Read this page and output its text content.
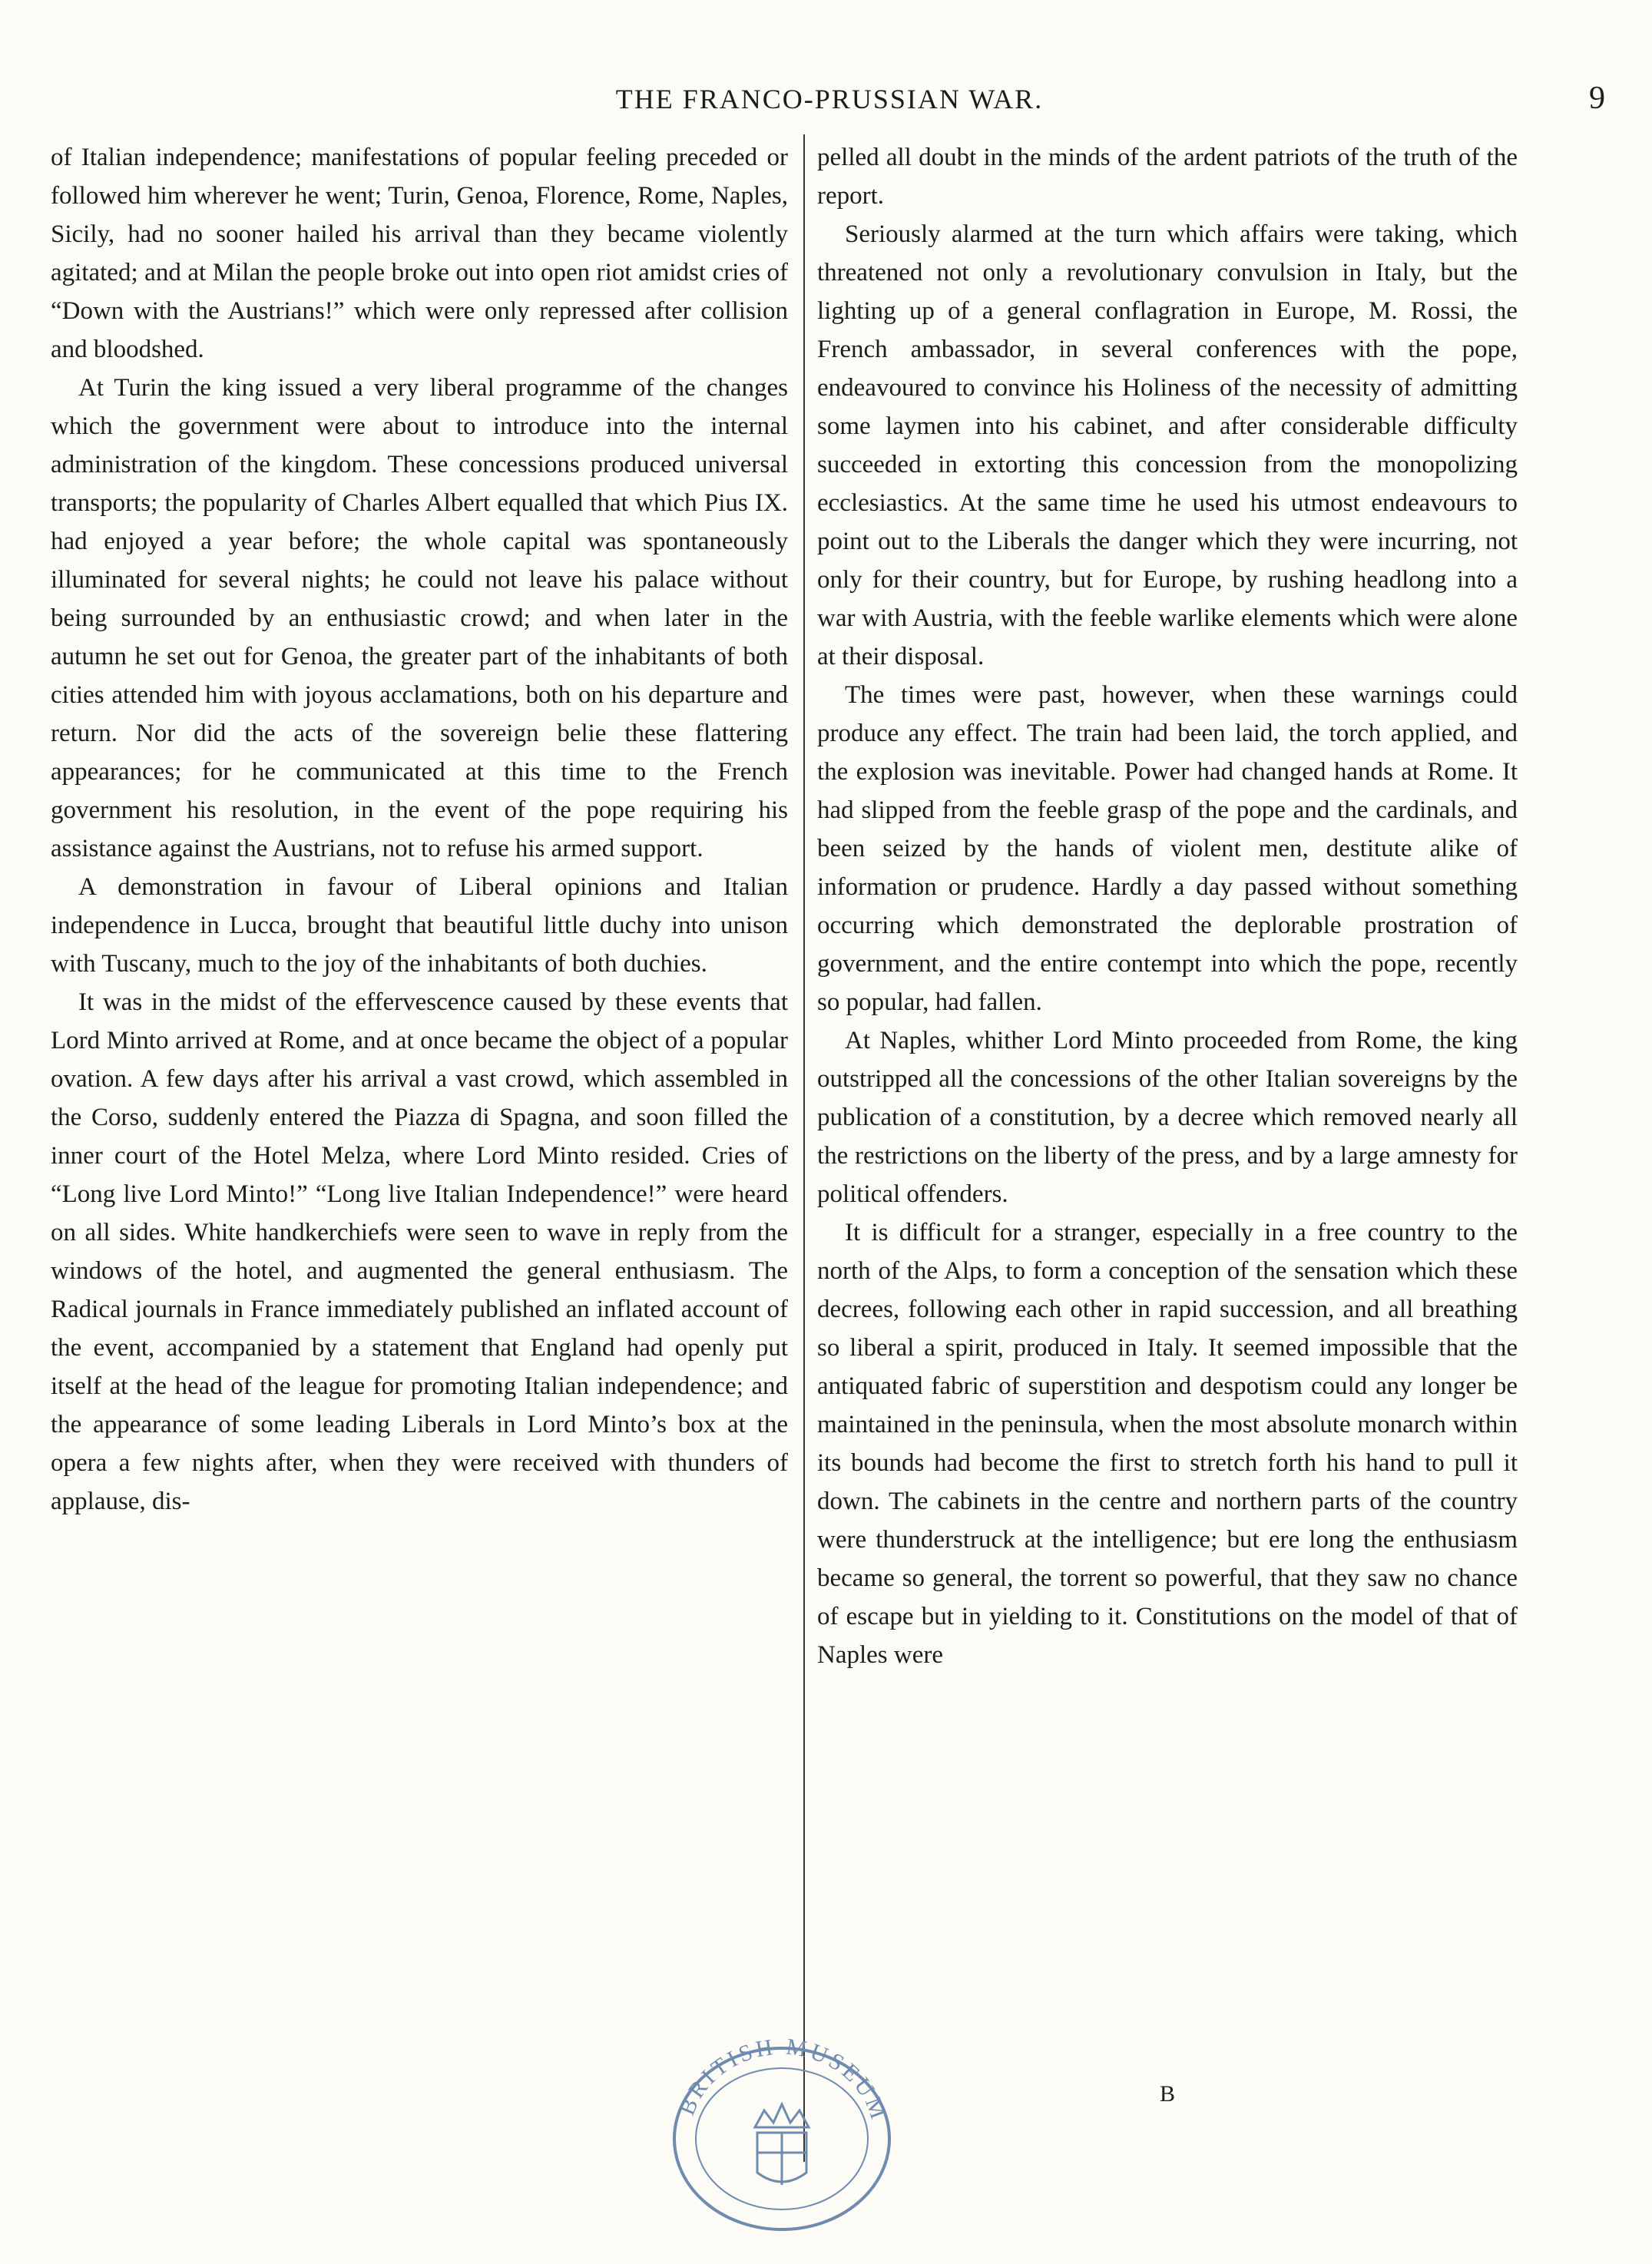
THE FRANCO-PRUSSIAN WAR.	9

of Italian independence; manifestations of popular feeling preceded or followed him wherever he went; Turin, Genoa, Florence, Rome, Naples, Sicily, had no sooner hailed his arrival than they became violently agitated; and at Milan the people broke out into open riot amidst cries of “Down with the Austrians!” which were only repressed after collision and bloodshed.

At Turin the king issued a very liberal programme of the changes which the government were about to introduce into the internal administration of the kingdom. These concessions produced universal transports; the popularity of Charles Albert equalled that which Pius IX. had enjoyed a year before; the whole capital was spontaneously illuminated for several nights; he could not leave his palace without being surrounded by an enthusiastic crowd; and when later in the autumn he set out for Genoa, the greater part of the inhabitants of both cities attended him with joyous acclamations, both on his departure and return. Nor did the acts of the sovereign belie these flattering appearances; for he communicated at this time to the French government his resolution, in the event of the pope requiring his assistance against the Austrians, not to refuse his armed support.

A demonstration in favour of Liberal opinions and Italian independence in Lucca, brought that beautiful little duchy into unison with Tuscany, much to the joy of the inhabitants of both duchies.

It was in the midst of the effervescence caused by these events that Lord Minto arrived at Rome, and at once became the object of a popular ovation. A few days after his arrival a vast crowd, which assembled in the Corso, suddenly entered the Piazza di Spagna, and soon filled the inner court of the Hotel Melza, where Lord Minto resided. Cries of “Long live Lord Minto!” “Long live Italian Independence!” were heard on all sides. White handkerchiefs were seen to wave in reply from the windows of the hotel, and augmented the general enthusiasm. The Radical journals in France immediately published an inflated account of the event, accompanied by a statement that England had openly put itself at the head of the league for promoting Italian independence; and the appearance of some leading Liberals in Lord Minto’s box at the opera a few nights after, when they were received with thunders of applause, dis-

pelled all doubt in the minds of the ardent patriots of the truth of the report.

Seriously alarmed at the turn which affairs were taking, which threatened not only a revolutionary convulsion in Italy, but the lighting up of a general conflagration in Europe, M. Rossi, the French ambassador, in several conferences with the pope, endeavoured to convince his Holiness of the necessity of admitting some laymen into his cabinet, and after considerable difficulty succeeded in extorting this concession from the monopolizing ecclesiastics. At the same time he used his utmost endeavours to point out to the Liberals the danger which they were incurring, not only for their country, but for Europe, by rushing headlong into a war with Austria, with the feeble warlike elements which were alone at their disposal.

The times were past, however, when these warnings could produce any effect. The train had been laid, the torch applied, and the explosion was inevitable. Power had changed hands at Rome. It had slipped from the feeble grasp of the pope and the cardinals, and been seized by the hands of violent men, destitute alike of information or prudence. Hardly a day passed without something occurring which demonstrated the deplorable prostration of government, and the entire contempt into which the pope, recently so popular, had fallen.

At Naples, whither Lord Minto proceeded from Rome, the king outstripped all the concessions of the other Italian sovereigns by the publication of a constitution, by a decree which removed nearly all the restrictions on the liberty of the press, and by a large amnesty for political offenders.

It is difficult for a stranger, especially in a free country to the north of the Alps, to form a conception of the sensation which these decrees, following each other in rapid succession, and all breathing so liberal a spirit, produced in Italy. It seemed impossible that the antiquated fabric of superstition and despotism could any longer be maintained in the peninsula, when the most absolute monarch within its bounds had become the first to stretch forth his hand to pull it down. The cabinets in the centre and northern parts of the country were thunderstruck at the intelligence; but ere long the enthusiasm became so general, the torrent so powerful, that they saw no chance of escape but in yielding to it. Constitutions on the model of that of Naples were

B
BRITISH MUSEUM
